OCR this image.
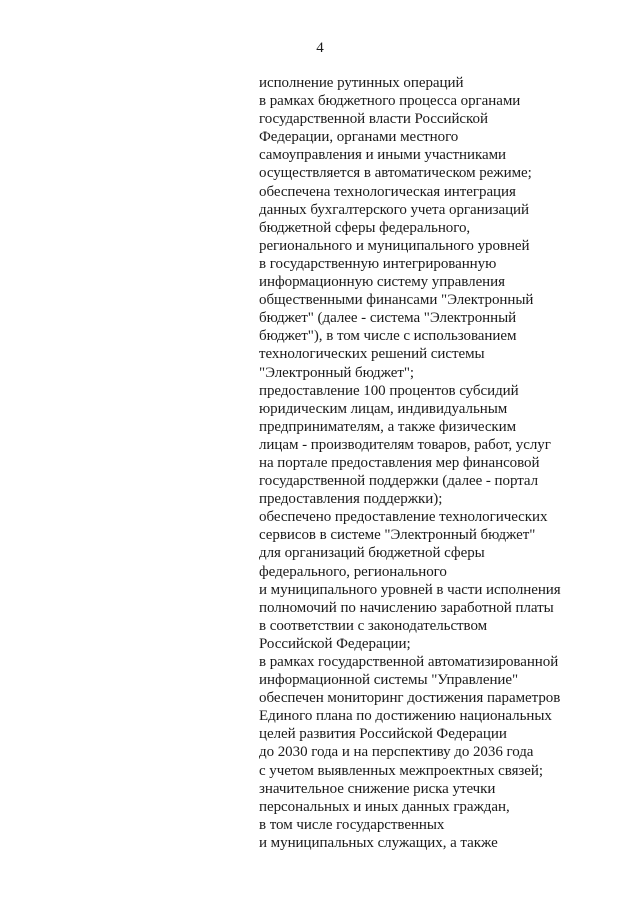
4
исполнение рутинных операций
в рамках бюджетного процесса органами
государственной власти Российской
Федерации, органами местного
самоуправления и иными участниками
осуществляется в автоматическом режиме;
обеспечена технологическая интеграция
данных бухгалтерского учета организаций
бюджетной сферы федерального,
регионального и муниципального уровней
в государственную интегрированную
информационную систему управления
общественными финансами "Электронный
бюджет" (далее - система "Электронный
бюджет"), в том числе с использованием
технологических решений системы
"Электронный бюджет";
предоставление 100 процентов субсидий
юридическим лицам, индивидуальным
предпринимателям, а также физическим
лицам - производителям товаров, работ, услуг
на портале предоставления мер финансовой
государственной поддержки (далее - портал
предоставления поддержки);
обеспечено предоставление технологических
сервисов в системе "Электронный бюджет"
для организаций бюджетной сферы
федерального, регионального
и муниципального уровней в части исполнения
полномочий по начислению заработной платы
в соответствии с законодательством
Российской Федерации;
в рамках государственной автоматизированной
информационной системы "Управление"
обеспечен мониторинг достижения параметров
Единого плана по достижению национальных
целей развития Российской Федерации
до 2030 года и на перспективу до 2036 года
с учетом выявленных межпроектных связей;
значительное снижение риска утечки
персональных и иных данных граждан,
в том числе государственных
и муниципальных служащих, а также
